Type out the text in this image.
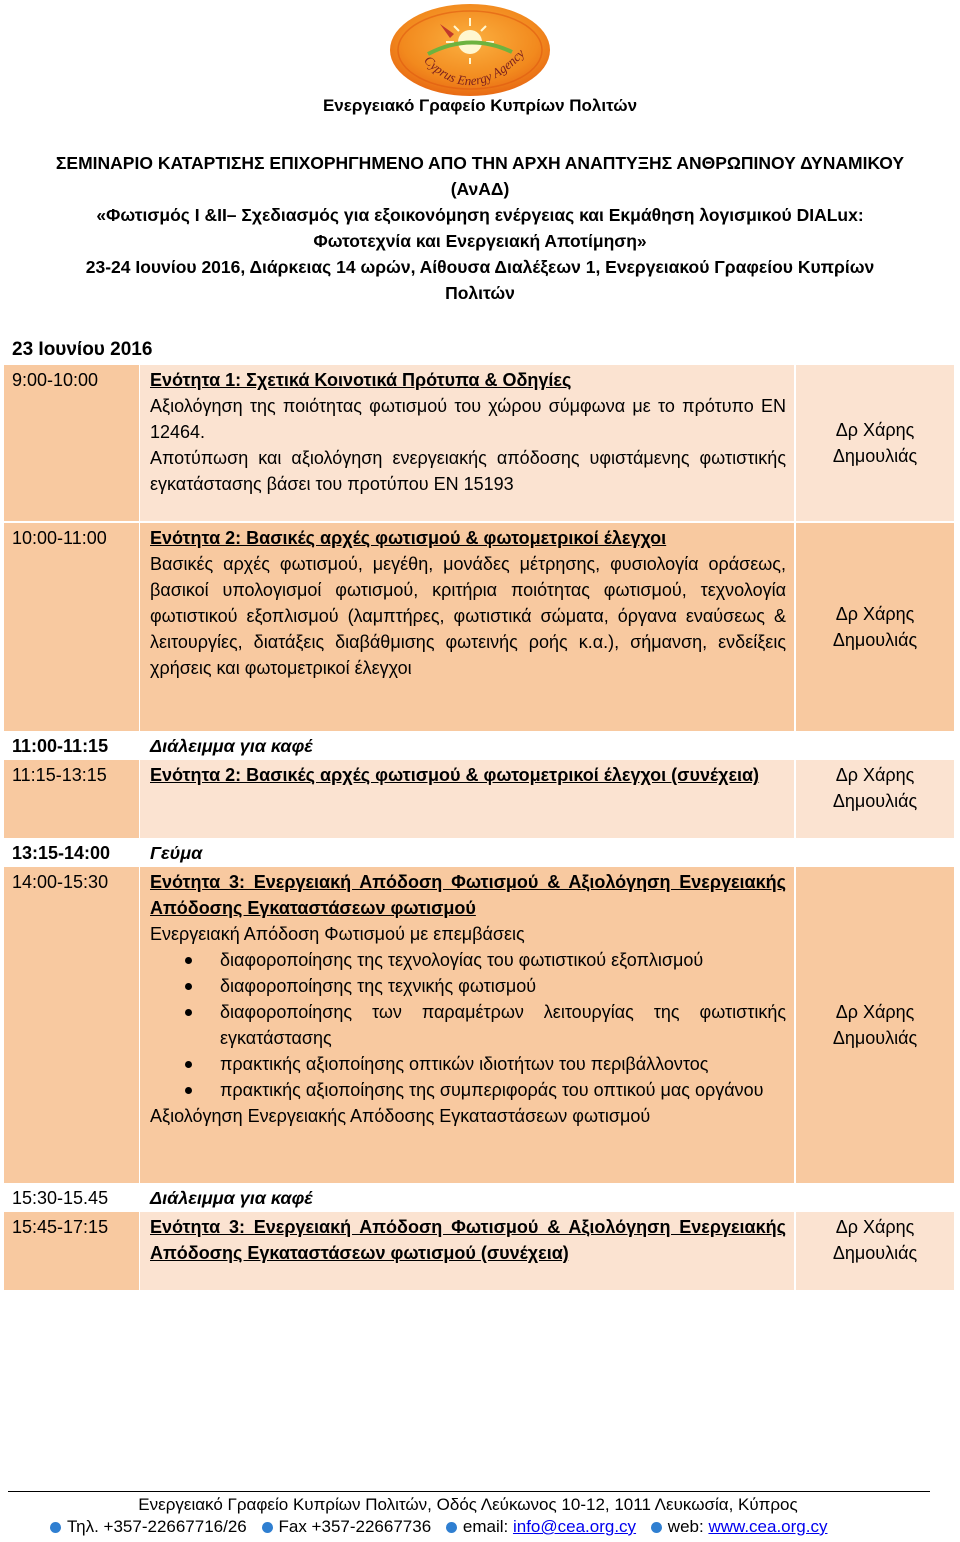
Cyprus Energy Agency
Ενεργειακό Γραφείο Κυπρίων Πολιτών
ΣΕΜΙΝΑΡΙΟ ΚΑΤΑΡΤΙΣΗΣ ΕΠΙΧΟΡΗΓΗΜΕΝΟ ΑΠΟ ΤΗΝ ΑΡΧΗ ΑΝΑΠΤΥΞΗΣ ΑΝΘΡΩΠΙΝΟΥ ΔΥΝΑΜΙΚΟΥ
(ΑνΑΔ)
«Φωτισμός Ι &ΙΙ– Σχεδιασμός για εξοικονόμηση ενέργειας και Εκμάθηση λογισμικού DIALux:
Φωτοτεχνία και Ενεργειακή Αποτίμηση»
23-24 Ιουνίου 2016, Διάρκειας 14 ωρών, Αίθουσα Διαλέξεων 1, Ενεργειακού Γραφείου Κυπρίων
Πολιτών
23 Ιουνίου 2016
9:00-10:00	Ενότητα 1: Σχετικά Κοινοτικά Πρότυπα & Οδηγίες
Αξιολόγηση της ποιότητας φωτισμού του χώρου σύμφωνα με το πρότυπο ΕΝ 12464.
Αποτύπωση και αξιολόγηση ενεργειακής απόδοσης υφιστάμενης φωτιστικής εγκατάστασης βάσει του προτύπου ΕΝ 15193
Δρ Χάρης
Δημουλιάς
10:00-11:00	Ενότητα 2: Βασικές αρχές φωτισμού & φωτομετρικοί έλεγχοι
Βασικές αρχές φωτισμού, μεγέθη, μονάδες μέτρησης, φυσιολογία οράσεως, βασικοί υπολογισμοί φωτισμού, κριτήρια ποιότητας φωτισμού, τεχνολογία φωτιστικού εξοπλισμού (λαμπτήρες, φωτιστικά σώματα, όργανα εναύσεως & λειτουργίες, διατάξεις διαβάθμισης φωτεινής ροής κ.α.), σήμανση, ενδείξεις χρήσεις και φωτομετρικοί έλεγχοι
Δρ Χάρης
Δημουλιάς
11:00-11:15	Διάλειμμα για καφέ
11:15-13:15	Ενότητα 2: Βασικές αρχές φωτισμού & φωτομετρικοί έλεγχοι (συνέχεια)	Δρ Χάρης
Δημουλιάς
13:15-14:00	Γεύμα
14:00-15:30	Ενότητα 3: Ενεργειακή Απόδοση Φωτισμού & Αξιολόγηση Ενεργειακής Απόδοσης Εγκαταστάσεων φωτισμού
Ενεργειακή Απόδοση Φωτισμού με επεμβάσεις
διαφοροποίησης της τεχνολογίας του φωτιστικού εξοπλισμού
διαφοροποίησης της τεχνικής φωτισμού
διαφοροποίησης των παραμέτρων λειτουργίας της φωτιστικής εγκατάστασης
πρακτικής αξιοποίησης οπτικών ιδιοτήτων του περιβάλλοντος
πρακτικής αξιοποίησης της συμπεριφοράς του οπτικού μας οργάνου
Αξιολόγηση Ενεργειακής Απόδοσης Εγκαταστάσεων φωτισμού
Δρ Χάρης
Δημουλιάς
15:30-15.45	Διάλειμμα για καφέ
15:45-17:15	Ενότητα 3: Ενεργειακή Απόδοση Φωτισμού & Αξιολόγηση Ενεργειακής Απόδοσης Εγκαταστάσεων φωτισμού (συνέχεια)
Δρ Χάρης
Δημουλιάς
Ενεργειακό Γραφείο Κυπρίων Πολιτών, Οδός Λεύκωνος 10-12, 1011 Λευκωσία, Κύπρος
Τηλ. +357-22667716/26 Fax +357-22667736 email: info@cea.org.cy web: www.cea.org.cy
